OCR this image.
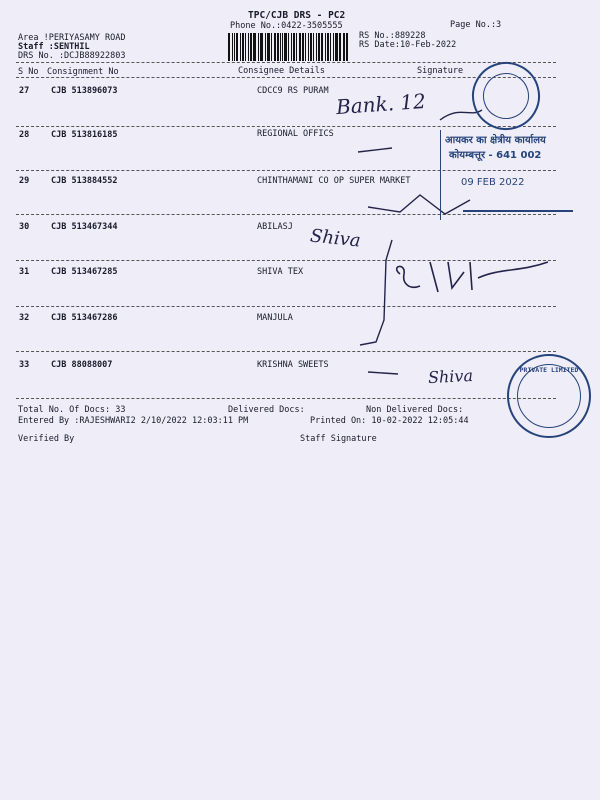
TPC/CJB DRS - PC2
Phone No.:0422-3505555	Page No.:3
Area !PERIYASAMY ROAD
Staff :SENTHIL
DRS No. :DCJB88922803
RS No.:889228
RS Date:10-Feb-2022
S No Consignment No	Consignee Details	Signature
27	CJB 513896073	CDCC9 RS PURAM
28	CJB 513816185	REGIONAL OFFICS
29	CJB 513884552	CHINTHAMANI CO OP SUPER MARKET
30	CJB 513467344	ABILASJ
31	CJB 513467285	SHIVA TEX
32	CJB 513467286	MANJULA
33	CJB 88088007	KRISHNA SWEETS
Total No. Of Docs: 33	Delivered Docs:	Non Delivered Docs:
Entered By :RAJESHWARI2 2/10/2022 12:03:11 PM	Printed On: 10-02-2022 12:05:44
Verified By	Staff Signature
Bank. 12
Shiva
Shiva
आयकर का क्षेत्रीय कार्यालय
कोयम्बत्तूर - 641 002
09 FEB 2022
PRIVATE LIMITED
